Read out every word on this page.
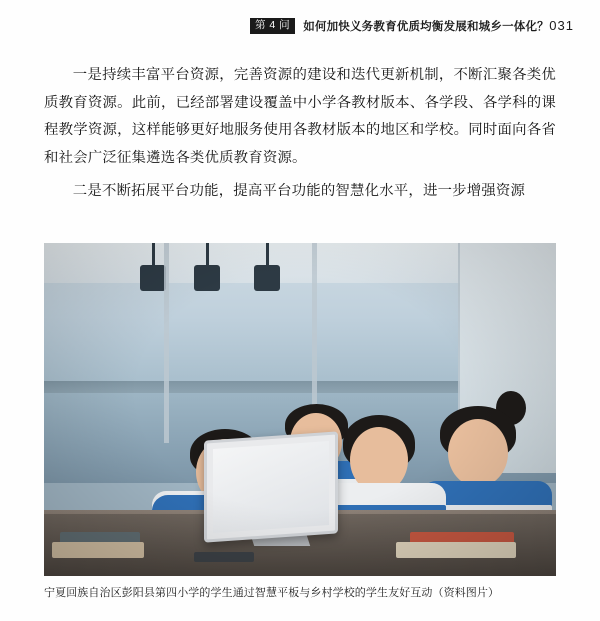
第 4 问	如何加快义务教育优质均衡发展和城乡一体化？ 031

一是持续丰富平台资源，完善资源的建设和迭代更新机制，不断汇聚各类优质教育资源。此前，已经部署建设覆盖中小学各教材版本、各学段、各学科的课程教学资源，这样能够更好地服务使用各教材版本的地区和学校。同时面向各省和社会广泛征集遴选各类优质教育资源。

二是不断拓展平台功能，提高平台功能的智慧化水平，进一步增强资源

宁夏回族自治区彭阳县第四小学的学生通过智慧平板与乡村学校的学生友好互动（资料图片）
